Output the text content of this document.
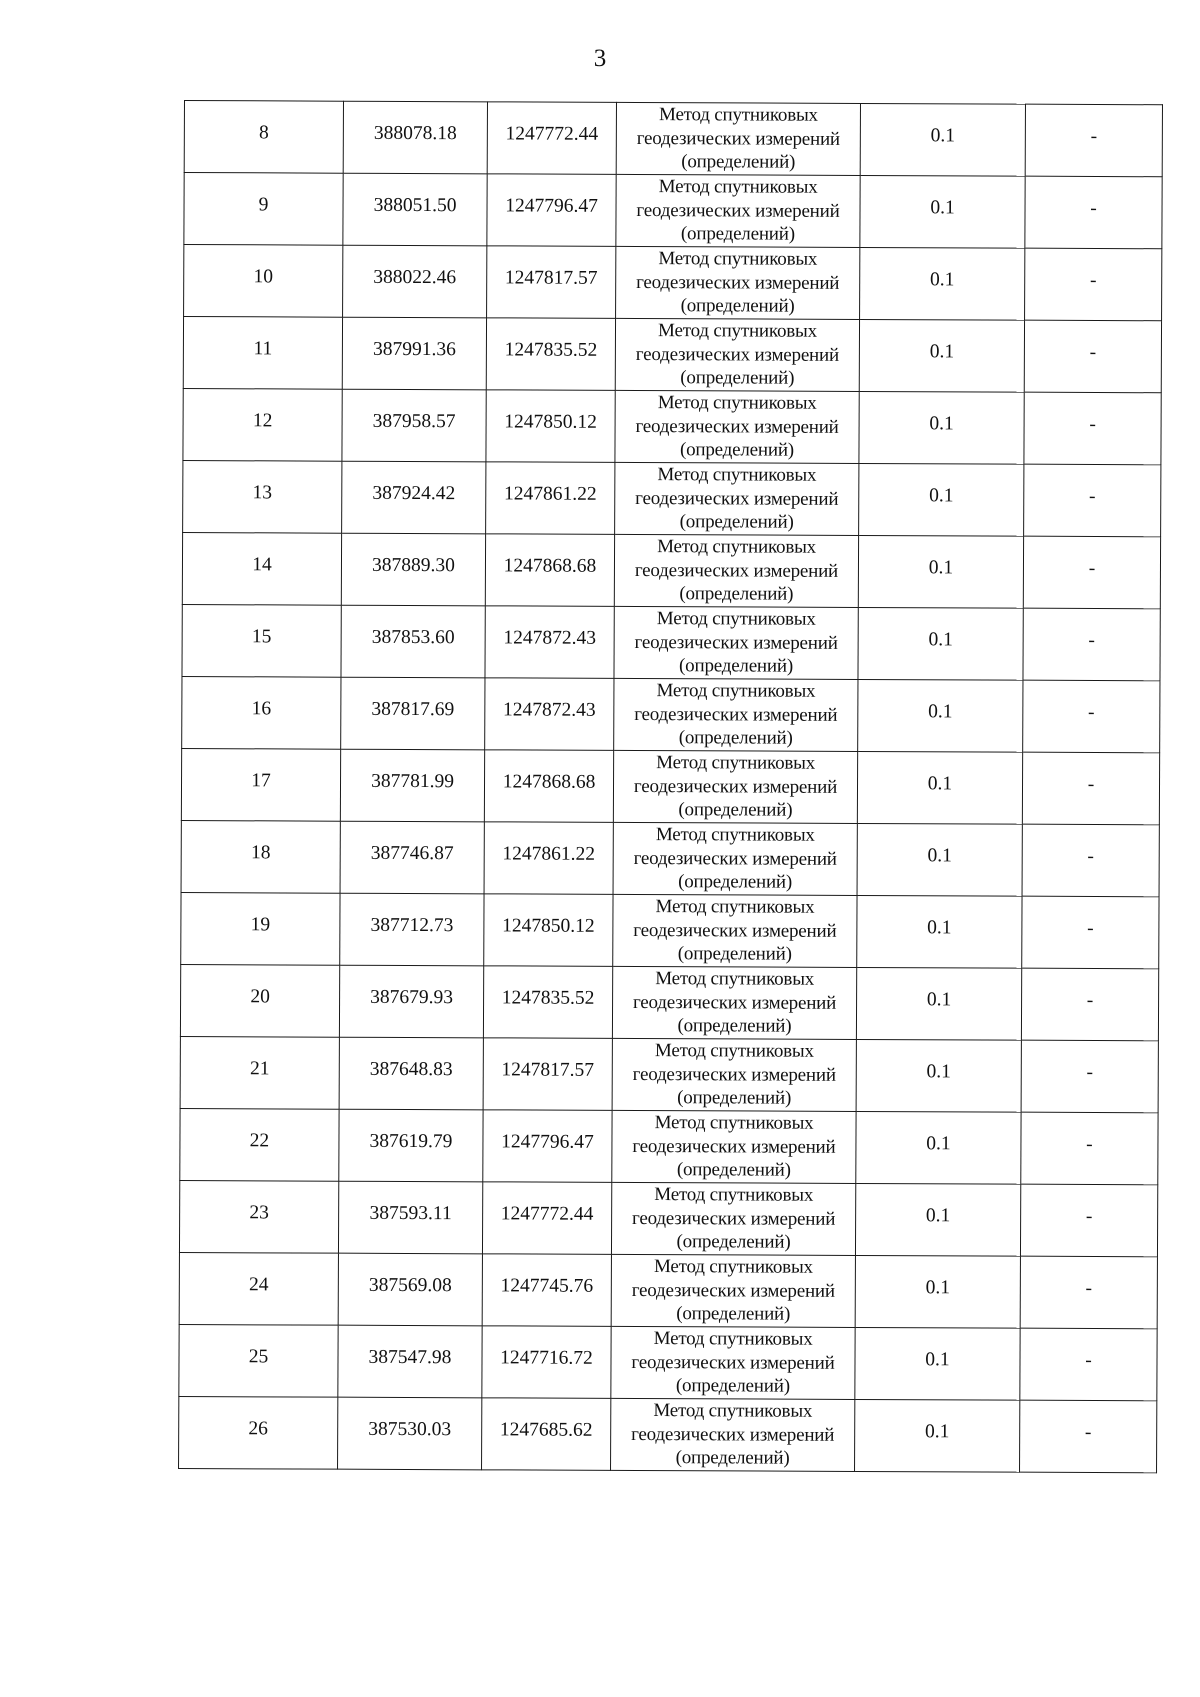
3
8	388078.18	1247772.44	Метод спутниковых
геодезических измерений
(определений)	0.1	-
9	388051.50	1247796.47	Метод спутниковых
геодезических измерений
(определений)	0.1	-
10	388022.46	1247817.57	Метод спутниковых
геодезических измерений
(определений)	0.1	-
11	387991.36	1247835.52	Метод спутниковых
геодезических измерений
(определений)	0.1	-
12	387958.57	1247850.12	Метод спутниковых
геодезических измерений
(определений)	0.1	-
13	387924.42	1247861.22	Метод спутниковых
геодезических измерений
(определений)	0.1	-
14	387889.30	1247868.68	Метод спутниковых
геодезических измерений
(определений)	0.1	-
15	387853.60	1247872.43	Метод спутниковых
геодезических измерений
(определений)	0.1	-
16	387817.69	1247872.43	Метод спутниковых
геодезических измерений
(определений)	0.1	-
17	387781.99	1247868.68	Метод спутниковых
геодезических измерений
(определений)	0.1	-
18	387746.87	1247861.22	Метод спутниковых
геодезических измерений
(определений)	0.1	-
19	387712.73	1247850.12	Метод спутниковых
геодезических измерений
(определений)	0.1	-
20	387679.93	1247835.52	Метод спутниковых
геодезических измерений
(определений)	0.1	-
21	387648.83	1247817.57	Метод спутниковых
геодезических измерений
(определений)	0.1	-
22	387619.79	1247796.47	Метод спутниковых
геодезических измерений
(определений)	0.1	-
23	387593.11	1247772.44	Метод спутниковых
геодезических измерений
(определений)	0.1	-
24	387569.08	1247745.76	Метод спутниковых
геодезических измерений
(определений)	0.1	-
25	387547.98	1247716.72	Метод спутниковых
геодезических измерений
(определений)	0.1	-
26	387530.03	1247685.62	Метод спутниковых
геодезических измерений
(определений)	0.1	-
